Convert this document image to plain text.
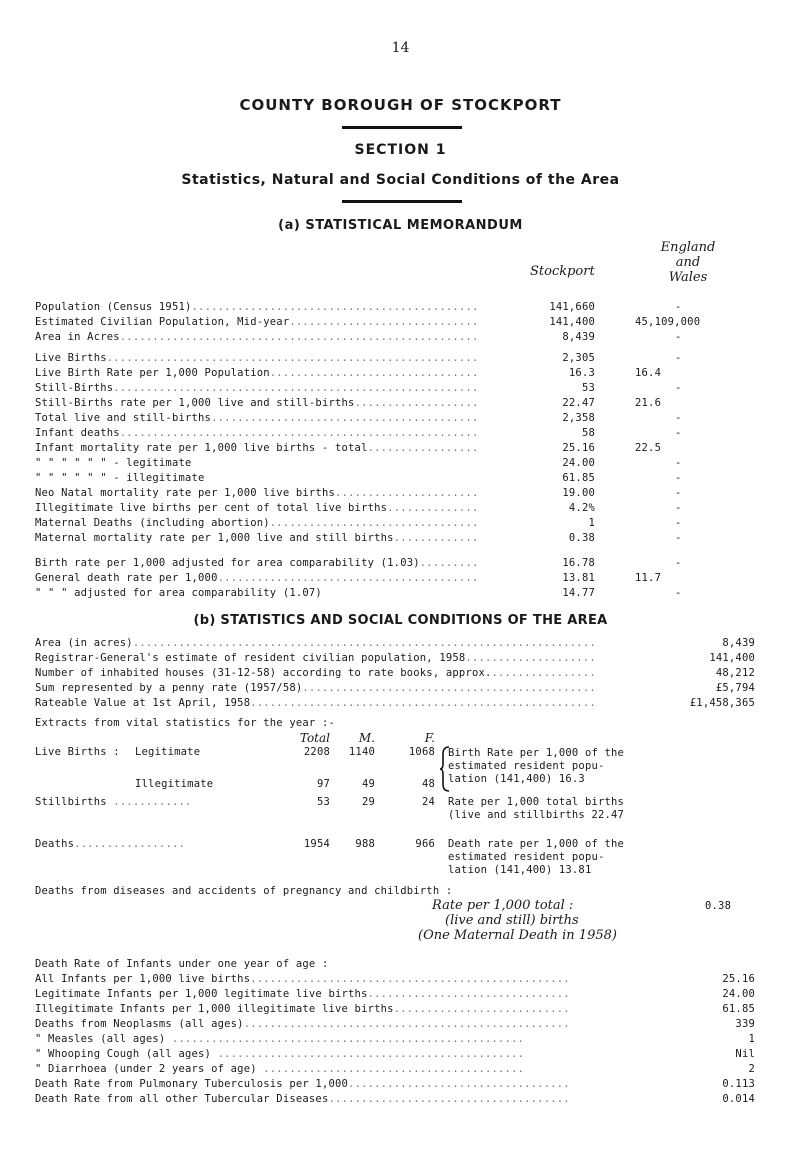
14
COUNTY BOROUGH OF STOCKPORT
SECTION 1
Statistics, Natural and Social Conditions of the Area
(a) STATISTICAL MEMORANDUM
Stockport
England
and
Wales
Population (Census 1951)............................................	141,660	-
Estimated Civilian Population, Mid-year.............................	141,400	45,109,000
Area in Acres.......................................................	8,439	-
Live Births.........................................................	2,305	-
Live Birth Rate per 1,000 Population................................	16.3	16.4
Still-Births........................................................	53	-
Still-Births rate per 1,000 live and still-births...................	22.47	21.6
Total live and still-births.........................................	2,358	-
Infant deaths.......................................................	58	-
Infant mortality rate per 1,000 live births - total.................	25.16	22.5
" " " " " " - legitimate	24.00	-
" " " " " " - illegitimate	61.85	-
Neo Natal mortality rate per 1,000 live births......................	19.00	-
Illegitimate live births per cent of total live births..............	4.2%	-
Maternal Deaths (including abortion)................................	1	-
Maternal mortality rate per 1,000 live and still births.............	0.38	-
Birth rate per 1,000 adjusted for area comparability (1.03).........	16.78	-
General death rate per 1,000........................................	13.81	11.7
" " " adjusted for area comparability (1.07)	14.77	-
(b) STATISTICS AND SOCIAL CONDITIONS OF THE AREA
Area (in acres).......................................................................	8,439
Registrar-General's estimate of resident civilian population, 1958....................	141,400
Number of inhabited houses (31-12-58) according to rate books, approx.................	48,212
Sum represented by a penny rate (1957/58).............................................	£5,794
Rateable Value at 1st April, 1958.....................................................	£1,458,365
Extracts from vital statistics for the year :-
Total	M.	F.
Live Births : Legitimate	2208	1140	1068
Illegitimate	97	49	48
Stillbirths ............	53	29	24
Deaths.................	1954	988	966
Birth Rate per 1,000 of the
estimated resident popu-
lation (141,400) 16.3
Rate per 1,000 total births
(live and stillbirths 22.47
Death rate per 1,000 of the
estimated resident popu-
lation (141,400) 13.81
Deaths from diseases and accidents of pregnancy and childbirth :
Rate per 1,000 total :	0.38
(live and still) births
(One Maternal Death in 1958)
Death Rate of Infants under one year of age :
All Infants per 1,000 live births.................................................	25.16
Legitimate Infants per 1,000 legitimate live births...............................	24.00
Illegitimate Infants per 1,000 illegitimate live births...........................	61.85
Deaths from Neoplasms (all ages)..................................................	339
" Measles (all ages) ......................................................	1
" Whooping Cough (all ages) ...............................................	Nil
" Diarrhoea (under 2 years of age) ........................................	2
Death Rate from Pulmonary Tuberculosis per 1,000..................................	0.113
Death Rate from all other Tubercular Diseases.....................................	0.014
